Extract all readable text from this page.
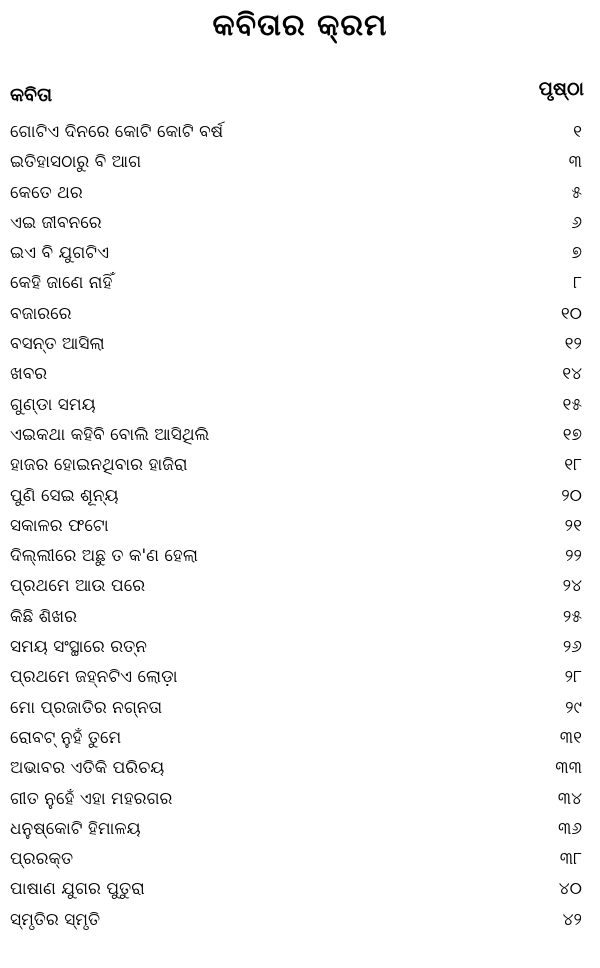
କବିତାର କ୍ରମ
କବିତା	ପୃଷ୍ଠା
ଗୋଟିଏ ଦିନରେ କୋଟି କୋଟି ବର୍ଷ	୧
ଇତିହାସଠାରୁ ବି ଆଗ	୩
କେତେ ଥର	୫
ଏଇ ଜୀବନରେ	୬
ଇଏ ବି ଯୁଗଟିଏ	୭
କେହି ଜାଣେ ନାହିଁ	୮
ବଜାରରେ	୧୦
ବସନ୍ତ ଆସିଲା	୧୨
ଖବର	୧୪
ଗୁଣ୍ଡା ସମୟ	୧୫
ଏଇକଥା କହିବି ବୋଲି ଆସିଥିଲି	୧୭
ହାଜର ହୋଇନଥିବାର ହାଜିରା	୧୮
ପୁଣି ସେଇ ଶୂନ୍ୟ	୨୦
ସକାଳର ଫଟୋ	୨୧
ଦିଲ୍ଲୀରେ ଅଛୁ ତ କ'ଣ ହେଲା	୨୨
ପ୍ରଥମେ ଆଉ ପରେ	୨୪
କିଛି ଶିଖର	୨୫
ସମୟ ସଂସ୍ଥାରେ ରତ୍ନ	୨୬
ପ୍ରଥମେ ଜହ୍ନଟିଏ ଲୋଡ଼ା	୨୮
ମୋ ପ୍ରଜାତିର ନଗ୍ନତା	୨୯
ରୋବଟ୍ ନୁହଁ ତୁମେ	୩୧
ଅଭାବର ଏତିକି ପରିଚୟ	୩୩
ଗୀତ ନୁହେଁ ଏହା ମହରଗର	୩୪
ଧନୁଷ୍କୋଟି ହିମାଳୟ	୩୬
ପ୍ରରକ୍ତ	୩୮
ପାଷାଣ ଯୁଗର ପୁତୁରା	୪୦
ସ୍ମୃତିର ସ୍ମୃତି	୪୨
